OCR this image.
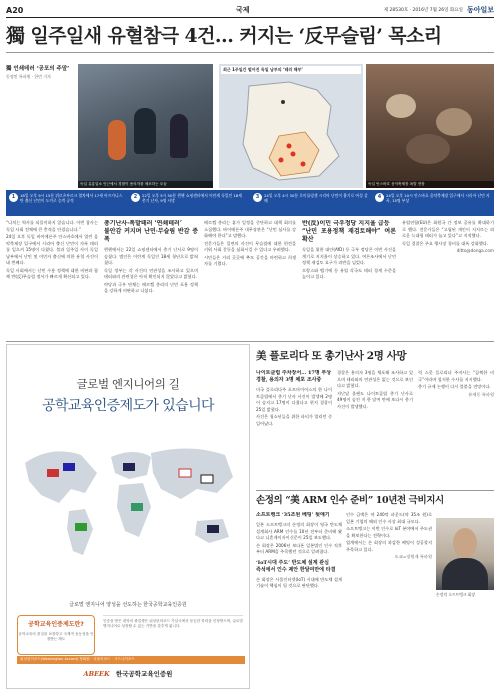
A20	국제	제 28530호 · 2016년 7월 26일 화요일 동아일보
獨 일주일새 유혈참극 4건… 커지는 ‘反무슬림’ 목소리
獨 언쇄테러 ‘공포의 주말’
동정민 특파원 · 한민 기자
독일 유흥업소 인근에서 경찰이 용의자를 체포하는 모습
최근 1주일간 벌어진 독일 남부의 ‘테러 해부’
독일 안스바흐 음악축제장 폭발 현장
1	18일 오후 9시 15분 뷔르츠부르크 열차에서 17세 아프가니스탄 출신 난민이 도끼로 승객 공격
2	22일 오후 5시 50분 뮌헨 쇼핑센터에서 이란계 독일인 18세 총기 난사, 9명 사망
3	24일 오후 4시 30분 로이틀링겐 시리아 난민이 흉기로 여성 살해
4	24일 오후 10시 안스바흐 음악축제장 입구에서 시리아 난민 자폭, 15명 부상

“나치는 역사를 되풀이하지 않습니다. 이번 참사는 독일 사회 전체에 큰 충격을 안겼습니다.”

24일 오후 독일 바이에른주 안스바흐에서 열린 음악축제장 입구에서 시리아 출신 난민이 자폭 테러를 일으켜 15명이 다쳤다. 불과 일주일 사이 독일 남부에서 난민 및 이민자 출신에 의한 유혈 사건이 네 번째다.

독일 사회에서는 난민 수용 정책에 대한 비판과 함께 반(反)무슬림 정서가 빠르게 확산되고 있다.

총기난사·폭발테러 ‘연쇄테러’
불안감 커지며 난민·무슬림 반감 증폭

뮌헨에서는 22일 쇼핑센터에서 총기 난사로 9명이 숨졌다. 범인은 이란계 독일인 18세 청년으로 밝혀졌다.

독일 정부는 각 사건의 연관성을 조사하고 있으며 테러와의 관련성은 아직 확인되지 않았다고 밝혔다.

야당과 극우 단체는 메르켈 총리의 난민 포용 정책을 강하게 비판하고 나섰다.

메르켈 총리는 휴가 일정을 중단하고 대책 회의를 소집했다. 바이에른주 내무장관은 “난민 심사를 강화해야 한다”고 말했다.

전문가들은 일련의 사건이 무슬림에 대한 편견을 키워 사회 갈등을 심화시킬 수 있다고 우려했다.

시민들은 거리 곳곳에 추모 공간을 마련하고 희생자를 기렸다.

반(反)이민 극우정당 지지율 급등
“난민 포용정책 재검토해야” 여론 확산

독일을 위한 대안(AfD) 등 극우 정당은 이번 사건을 계기로 지지율이 상승하고 있다. 여론조사에서 난민 정책 재검토 요구가 과반을 넘었다.

프랑스와 벨기에 등 유럽 각국도 테러 경계 수준을 높이고 있다.

유럽연합(EU)은 회원국 간 정보 공유를 확대하기로 했다. 전문가들은 “고립된 개인이 저지르는 외로운 늑대형 테러가 늘고 있다”고 지적했다.

독일 경찰은 주요 행사장 경비를 대폭 강화했다.

ditto@donga.com

글로벌 엔지니어의 길
공학교육인증제도가 있습니다
글로벌 엔지니어 양성을 선도하는 한국공학교육인증원
공학교육인증제도란?
공학교육의 품질을 보장하고 국제적 동등성을 인정받는 제도
인증을 받은 대학의 졸업생은 워싱턴어코드 가입국에서 동등한 학력을 인정받으며, 글로벌 엔지니어로 성장할 수 있는 기반을 갖추게 됩니다.
워싱턴어코드(Washington Accord) 정회원 · 서울어코드 · 시드니어코드
ABEEK 한국공학교육인증원
美 플로리다 또 총기난사 2명 사망
나이트클럽 주차장서… 17명 부상
경찰, 용의자 3명 체포 조사중

미국 플로리다주 포트마이어스의 한 나이트클럽에서 총기 난사 사건이 발생해 2명이 숨지고 17명이 다쳤다고 현지 경찰이 25일 밝혔다.

사건은 청소년들을 위한 파티가 열리던 중 일어났다.

경찰은 용의자 3명을 체포해 조사하고 있으며 테러와의 연관성은 없는 것으로 보인다고 밝혔다.

지난달 올랜도 나이트클럽 총기 난사로 49명이 숨진 지 한 달여 만에 또다시 총기 사건이 발생했다.

릭 스콧 플로리다 주지사는 “끔찍한 비극”이라며 철저한 수사를 지시했다.

총기 규제 논쟁이 다시 불붙을 전망이다.

유재동 특파원

손정의 “美 ARM 인수 준비” 10년전 극비지시
소프트뱅크 ‘35조원 베팅’ 뒷얘기

일본 소프트뱅크의 손정의 회장이 영국 반도체 설계회사 ARM 인수를 10년 전부터 준비해 왔다고 니혼게이자이신문이 25일 보도했다.

손 회장은 2006년 보다폰 일본법인 인수 직후부터 ARM을 주목했던 것으로 알려졌다.

‘IoT시대 주도’ 반도체 설계 관심
즉석에서 인수 제안 한달여만에 타결

손 회장은 사물인터넷(IoT) 시대에 반도체 설계 기술이 핵심이 될 것으로 판단했다.

인수 금액은 약 240억 파운드(약 35조 원)로 일본 기업의 해외 인수 사상 최대 규모다.

소프트뱅크는 이번 인수로 IoT 분야에서 주도권을 확보한다는 전략이다.

업계에서는 손 회장의 과감한 베팅이 성공할지 주목하고 있다.

도쿄=장원재 특파원

손정의 소프트뱅크 회장
